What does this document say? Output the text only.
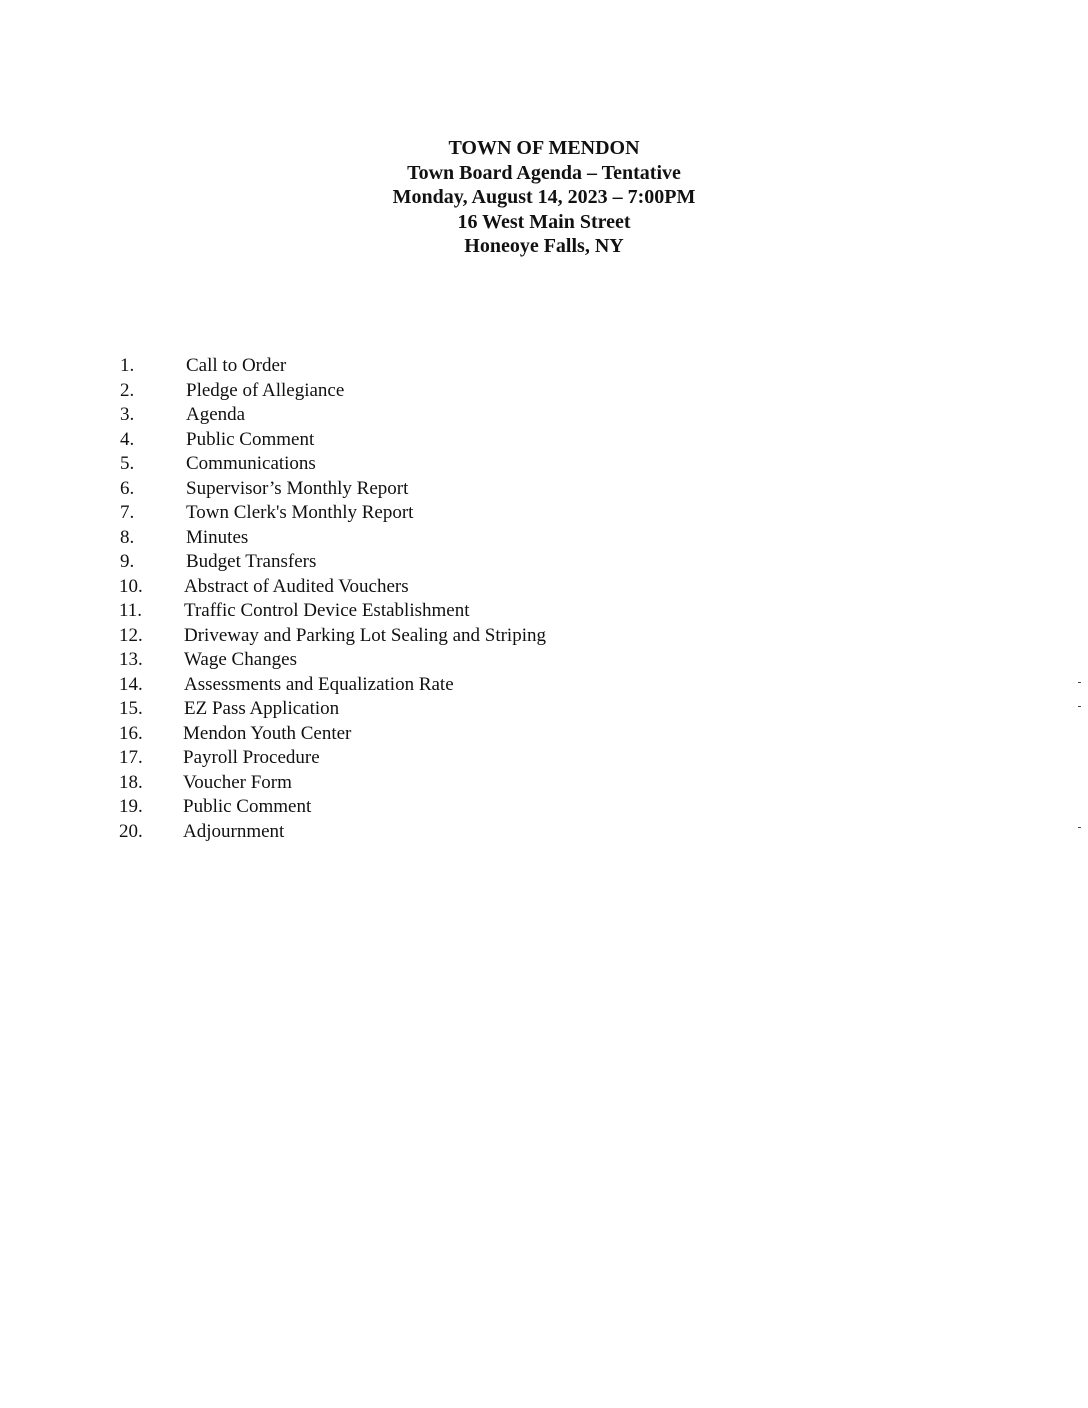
TOWN OF MENDON
Town Board Agenda – Tentative
Monday, August 14, 2023 – 7:00PM
16 West Main Street
Honeoye Falls, NY
1.	Call to Order
2.	Pledge of Allegiance
3.	Agenda
4.	Public Comment
5.	Communications
6.	Supervisor’s Monthly Report
7.	Town Clerk's Monthly Report
8.	Minutes
9.	Budget Transfers
10. Abstract of Audited Vouchers
11. Traffic Control Device Establishment
12. Driveway and Parking Lot Sealing and Striping
13. Wage Changes
14. Assessments and Equalization Rate
15. EZ Pass Application
16. Mendon Youth Center
17. Payroll Procedure
18. Voucher Form
19. Public Comment
20. Adjournment
